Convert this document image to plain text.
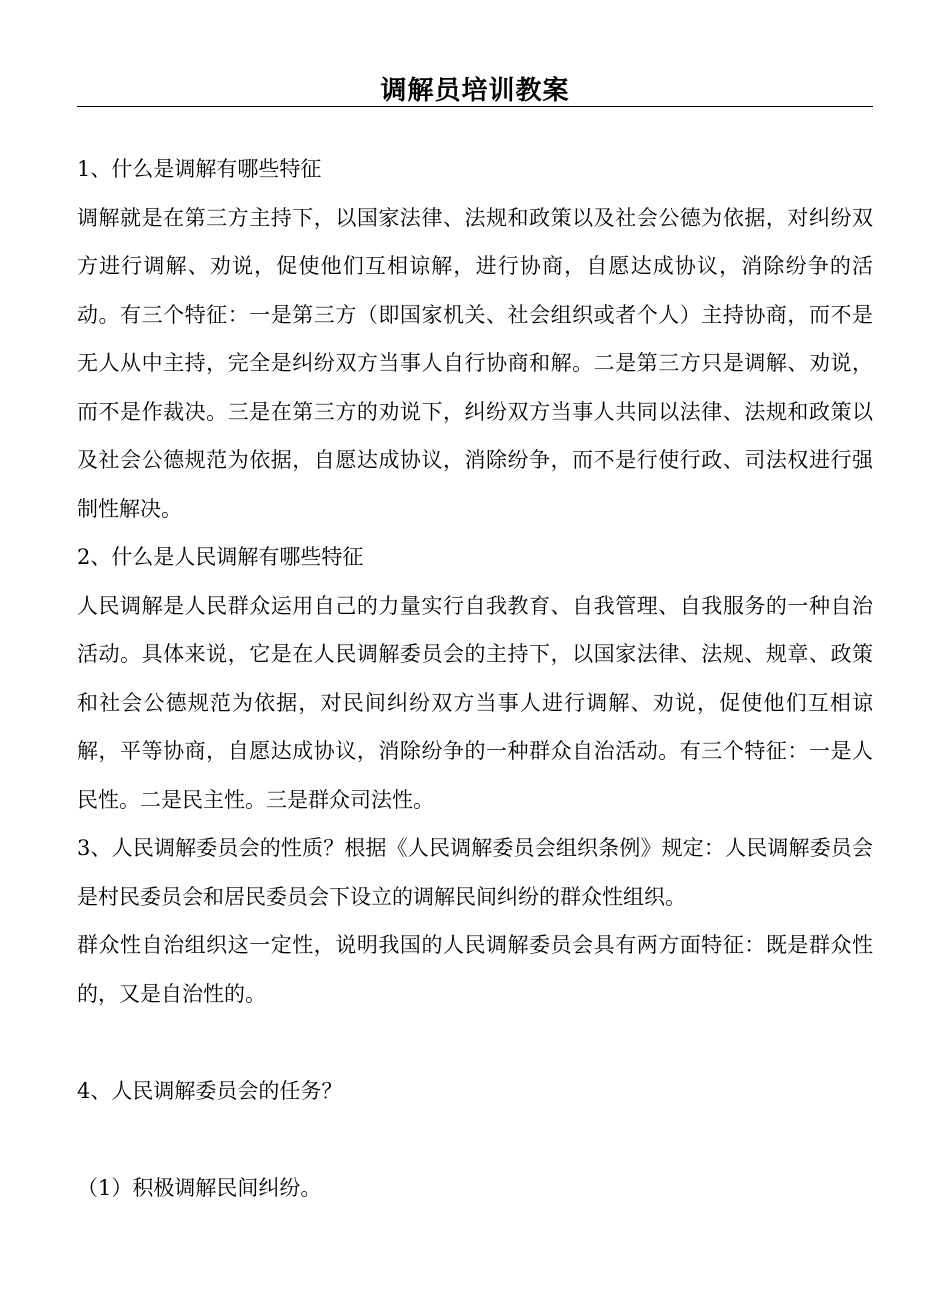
调解员培训教案

1、什么是调解有哪些特征

调解就是在第三方主持下，以国家法律、法规和政策以及社会公德为依据，对纠纷双方进行调解、劝说，促使他们互相谅解，进行协商，自愿达成协议，消除纷争的活动。有三个特征：一是第三方（即国家机关、社会组织或者个人）主持协商，而不是无人从中主持，完全是纠纷双方当事人自行协商和解。二是第三方只是调解、劝说，而不是作裁决。三是在第三方的劝说下，纠纷双方当事人共同以法律、法规和政策以及社会公德规范为依据，自愿达成协议，消除纷争，而不是行使行政、司法权进行强制性解决。

2、什么是人民调解有哪些特征

人民调解是人民群众运用自己的力量实行自我教育、自我管理、自我服务的一种自治活动。具体来说，它是在人民调解委员会的主持下，以国家法律、法规、规章、政策和社会公德规范为依据，对民间纠纷双方当事人进行调解、劝说，促使他们互相谅解，平等协商，自愿达成协议，消除纷争的一种群众自治活动。有三个特征：一是人民性。二是民主性。三是群众司法性。

3、人民调解委员会的性质？根据《人民调解委员会组织条例》规定：人民调解委员会是村民委员会和居民委员会下设立的调解民间纠纷的群众性组织。

群众性自治组织这一定性，说明我国的人民调解委员会具有两方面特征：既是群众性的，又是自治性的。

4、人民调解委员会的任务？

（1）积极调解民间纠纷。
